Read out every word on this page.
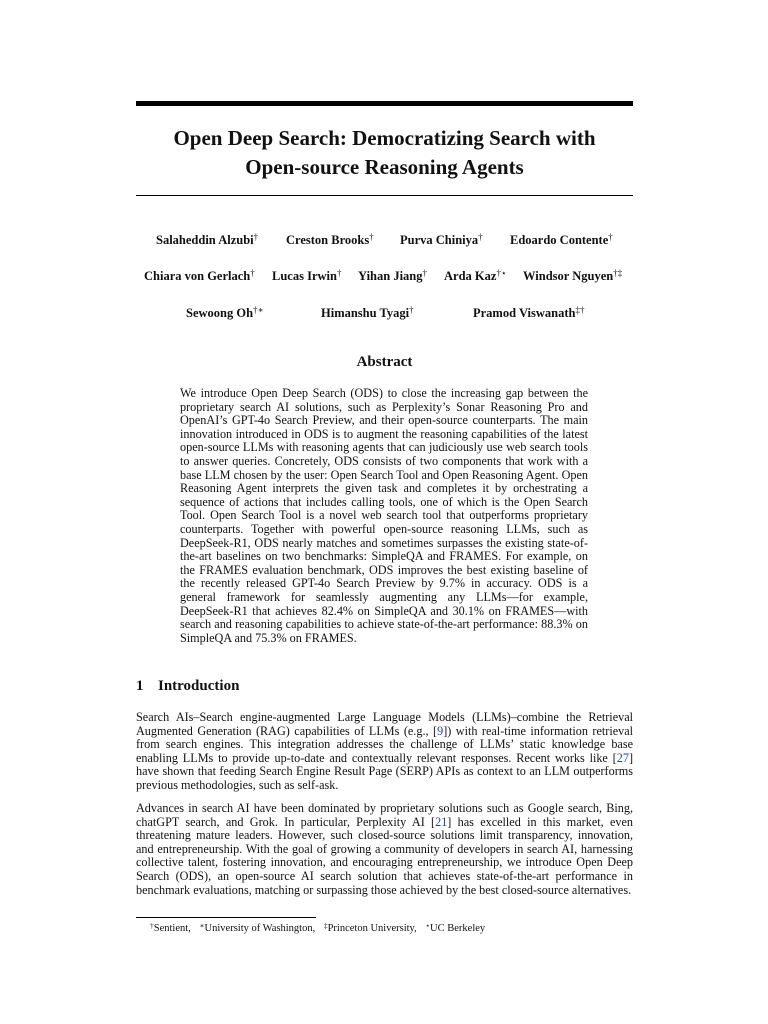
Open Deep Search: Democratizing Search with
Open-source Reasoning Agents
Salaheddin Alzubi† Creston Brooks† Purva Chiniya† Edoardo Contente†
Chiara von Gerlach† Lucas Irwin† Yihan Jiang† Arda Kaz†⋆ Windsor Nguyen†‡
Sewoong Oh†∗	Himanshu Tyagi†	Pramod Viswanath‡†
Abstract
We introduce Open Deep Search (ODS) to close the increasing gap between the proprietary search AI solutions, such as Perplexity’s Sonar Reasoning Pro and OpenAI’s GPT-4o Search Preview, and their open-source counterparts. The main innovation introduced in ODS is to augment the reasoning capabilities of the latest open-source LLMs with reasoning agents that can judiciously use web search tools to answer queries. Concretely, ODS consists of two components that work with a base LLM chosen by the user: Open Search Tool and Open Reasoning Agent. Open Reasoning Agent interprets the given task and completes it by orchestrating a sequence of actions that includes calling tools, one of which is the Open Search Tool. Open Search Tool is a novel web search tool that outperforms proprietary counterparts. Together with powerful open-source reasoning LLMs, such as DeepSeek-R1, ODS nearly matches and sometimes surpasses the existing state-of-the-art baselines on two benchmarks: SimpleQA and FRAMES. For example, on the FRAMES evaluation benchmark, ODS improves the best existing baseline of the recently released GPT-4o Search Preview by 9.7% in accuracy. ODS is a general framework for seamlessly augmenting any LLMs—for example, DeepSeek-R1 that achieves 82.4% on SimpleQA and 30.1% on FRAMES—with search and reasoning capabilities to achieve state-of-the-art performance: 88.3% on SimpleQA and 75.3% on FRAMES.
1 Introduction
Search AIs–Search engine-augmented Large Language Models (LLMs)–combine the Retrieval Augmented Generation (RAG) capabilities of LLMs (e.g., [9]) with real-time information retrieval from search engines. This integration addresses the challenge of LLMs’ static knowledge base enabling LLMs to provide up-to-date and contextually relevant responses. Recent works like [27] have shown that feeding Search Engine Result Page (SERP) APIs as context to an LLM outperforms previous methodologies, such as self-ask.
Advances in search AI have been dominated by proprietary solutions such as Google search, Bing, chatGPT search, and Grok. In particular, Perplexity AI [21] has excelled in this market, even threatening mature leaders. However, such closed-source solutions limit transparency, innovation, and entrepreneurship. With the goal of growing a community of developers in search AI, harnessing collective talent, fostering innovation, and encouraging entrepreneurship, we introduce Open Deep Search (ODS), an open-source AI search solution that achieves state-of-the-art performance in benchmark evaluations, matching or surpassing those achieved by the best closed-source alternatives.
†Sentient, ∗University of Washington, ‡Princeton University, ⋆UC Berkeley
